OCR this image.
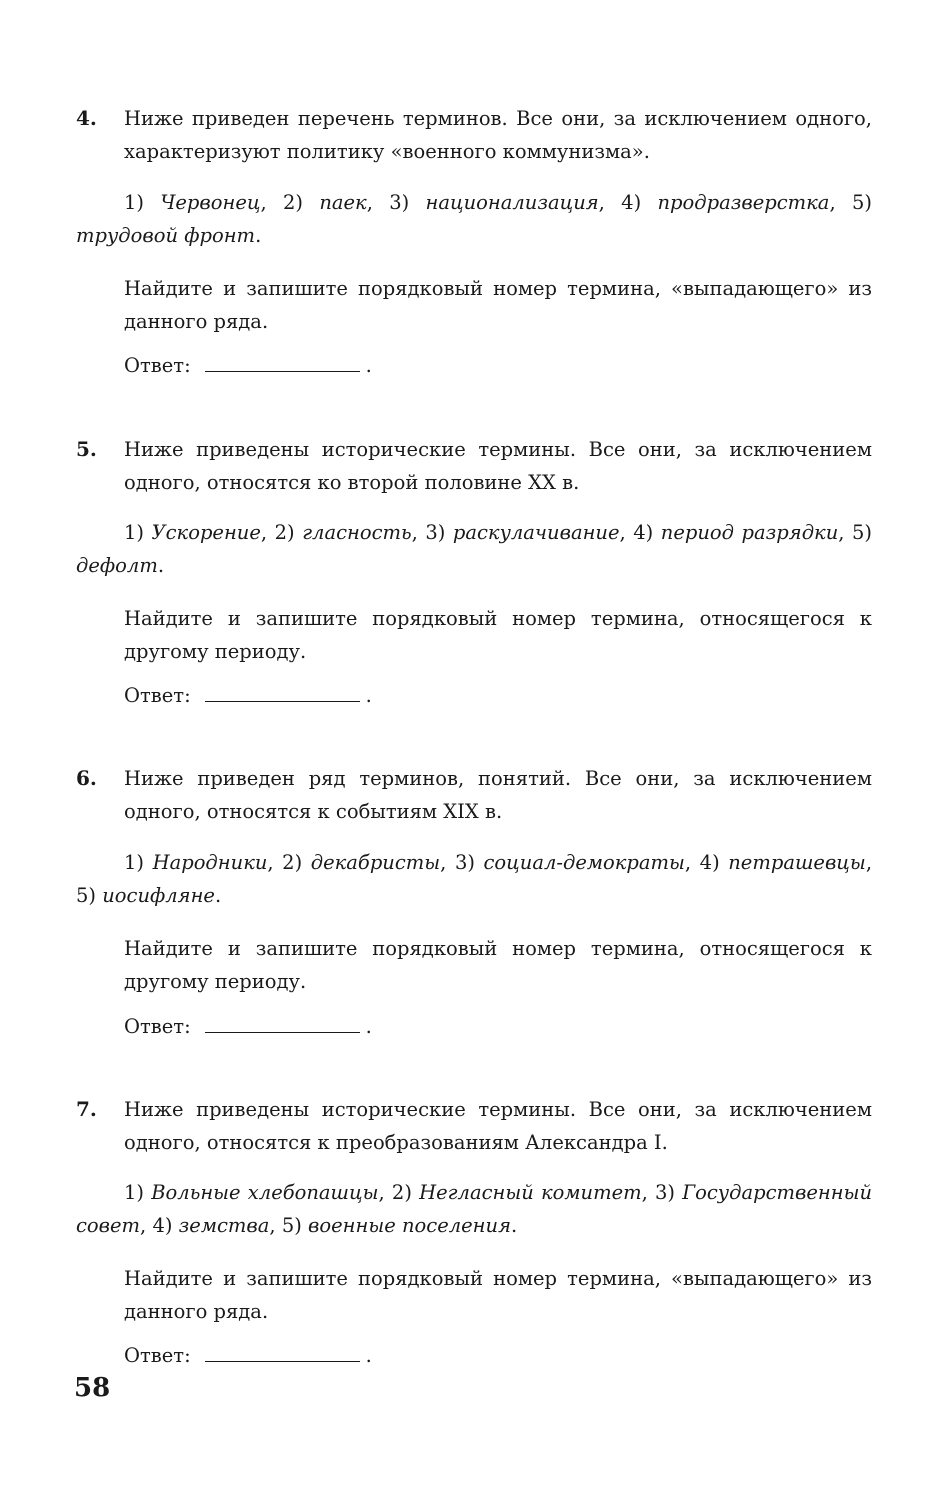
4. Ниже приведен перечень терминов. Все они, за исключением одного, характеризуют политику «военного коммунизма».
1) Червонец, 2) паек, 3) национализация, 4) продразверстка, 5) трудовой фронт.
Найдите и запишите порядковый номер термина, «выпадающего» из данного ряда.
Ответ:	.
5. Ниже приведены исторические термины. Все они, за исключением одного, относятся ко второй половине XX в.
1) Ускорение, 2) гласность, 3) раскулачивание, 4) период разрядки, 5) дефолт.
Найдите и запишите порядковый номер термина, относящегося к другому периоду.
Ответ:	.
6. Ниже приведен ряд терминов, понятий. Все они, за исключением одного, относятся к событиям XIX в.
1) Народники, 2) декабристы, 3) социал-демократы, 4) петрашевцы, 5) иосифляне.
Найдите и запишите порядковый номер термина, относящегося к другому периоду.
Ответ:	.
7. Ниже приведены исторические термины. Все они, за исключением одного, относятся к преобразованиям Александра I.
1) Вольные хлебопашцы, 2) Негласный комитет, 3) Государственный совет, 4) земства, 5) военные поселения.
Найдите и запишите порядковый номер термина, «выпадающего» из данного ряда.
Ответ:	.
58
